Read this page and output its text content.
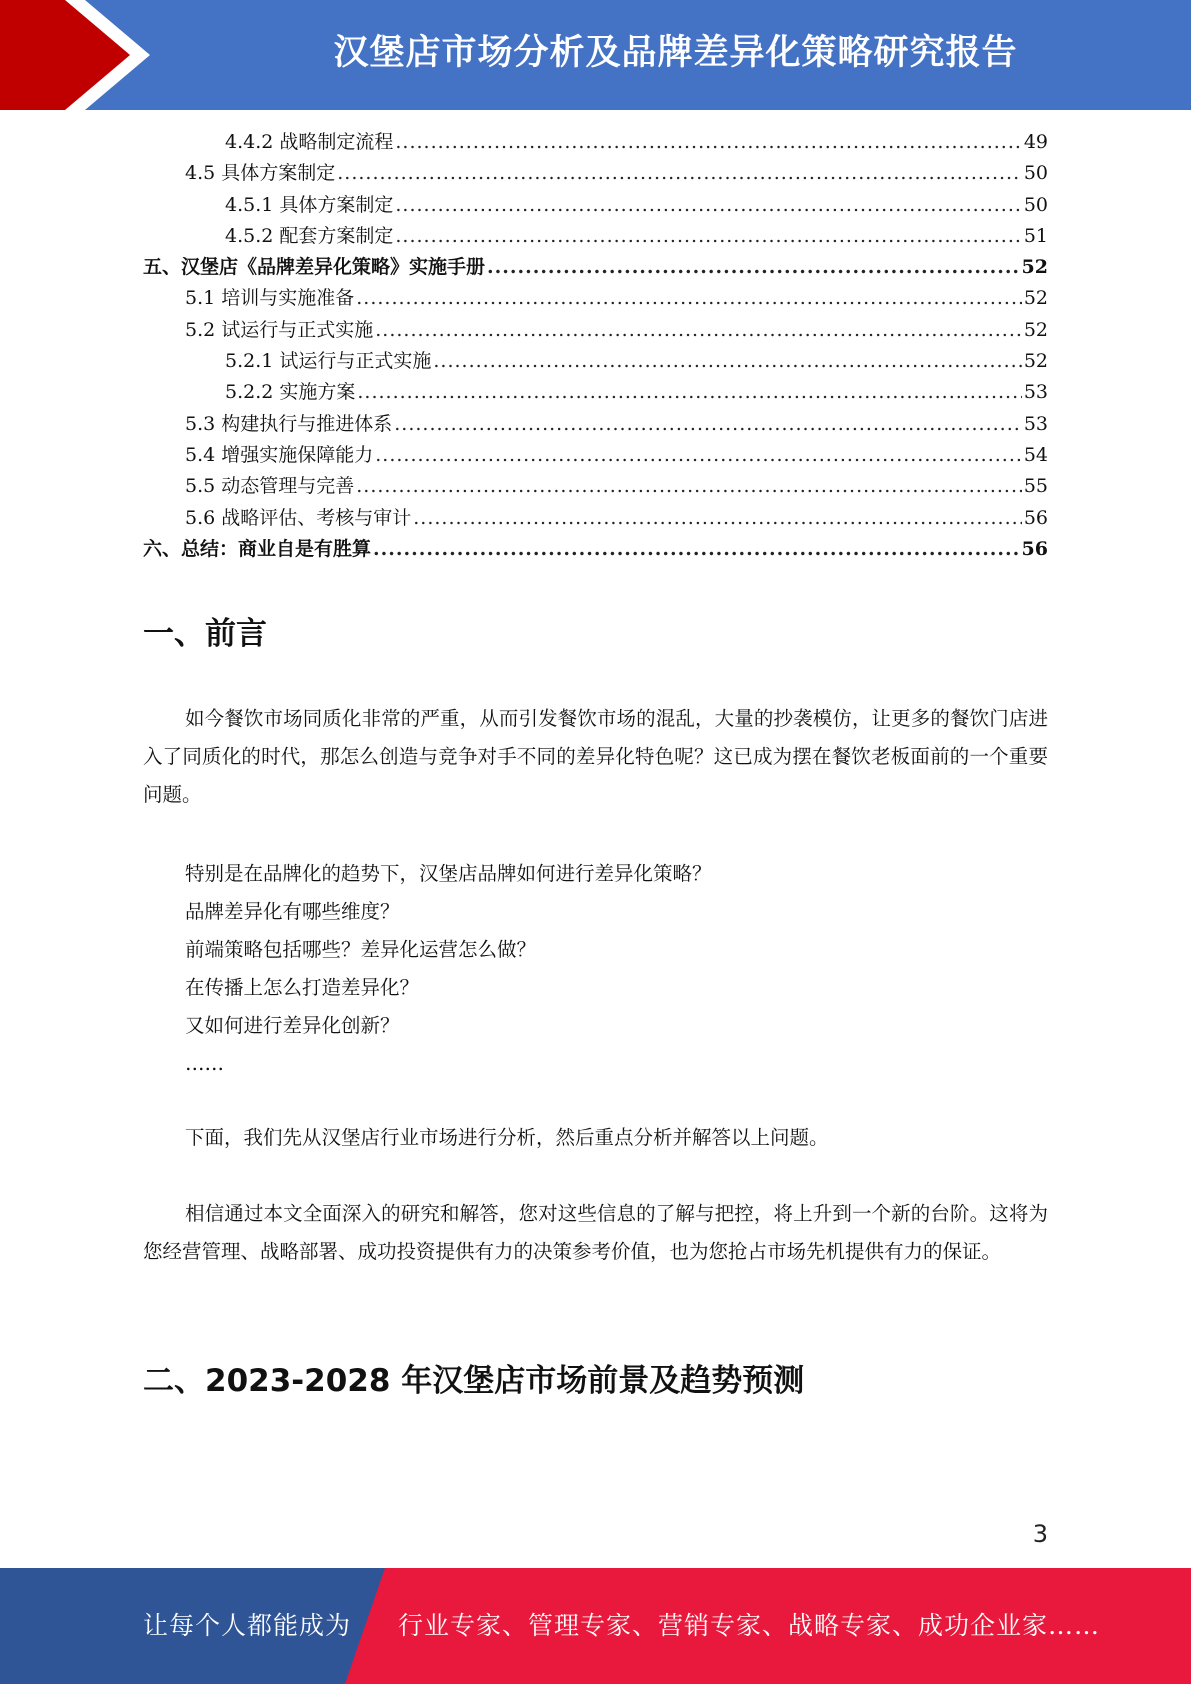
汉堡店市场分析及品牌差异化策略研究报告
4.4.2 战略制定流程 .....	49
4.5 具体方案制定 .....	50
4.5.1 具体方案制定 .....	50
4.5.2 配套方案制定 .....	51
五、汉堡店《品牌差异化策略》实施手册 .....	52
5.1 培训与实施准备 .....	52
5.2 试运行与正式实施 .....	52
5.2.1 试运行与正式实施 .....	52
5.2.2 实施方案 .....	53
5.3 构建执行与推进体系 .....	53
5.4 增强实施保障能力 .....	54
5.5 动态管理与完善 .....	55
5.6 战略评估、考核与审计 .....	56
六、总结：商业自是有胜算 .....	56
一、前言
如今餐饮市场同质化非常的严重，从而引发餐饮市场的混乱，大量的抄袭模仿，让更多的餐饮门店进入了同质化的时代，那怎么创造与竞争对手不同的差异化特色呢？这已成为摆在餐饮老板面前的一个重要问题。
特别是在品牌化的趋势下，汉堡店品牌如何进行差异化策略？
品牌差异化有哪些维度？
前端策略包括哪些？差异化运营怎么做？
在传播上怎么打造差异化？
又如何进行差异化创新？
……
下面，我们先从汉堡店行业市场进行分析，然后重点分析并解答以上问题。
相信通过本文全面深入的研究和解答，您对这些信息的了解与把控，将上升到一个新的台阶。这将为您经营管理、战略部署、成功投资提供有力的决策参考价值，也为您抢占市场先机提供有力的保证。
二、2023-2028 年汉堡店市场前景及趋势预测
3
让每个人都能成为 行业专家、管理专家、营销专家、战略专家、成功企业家……
